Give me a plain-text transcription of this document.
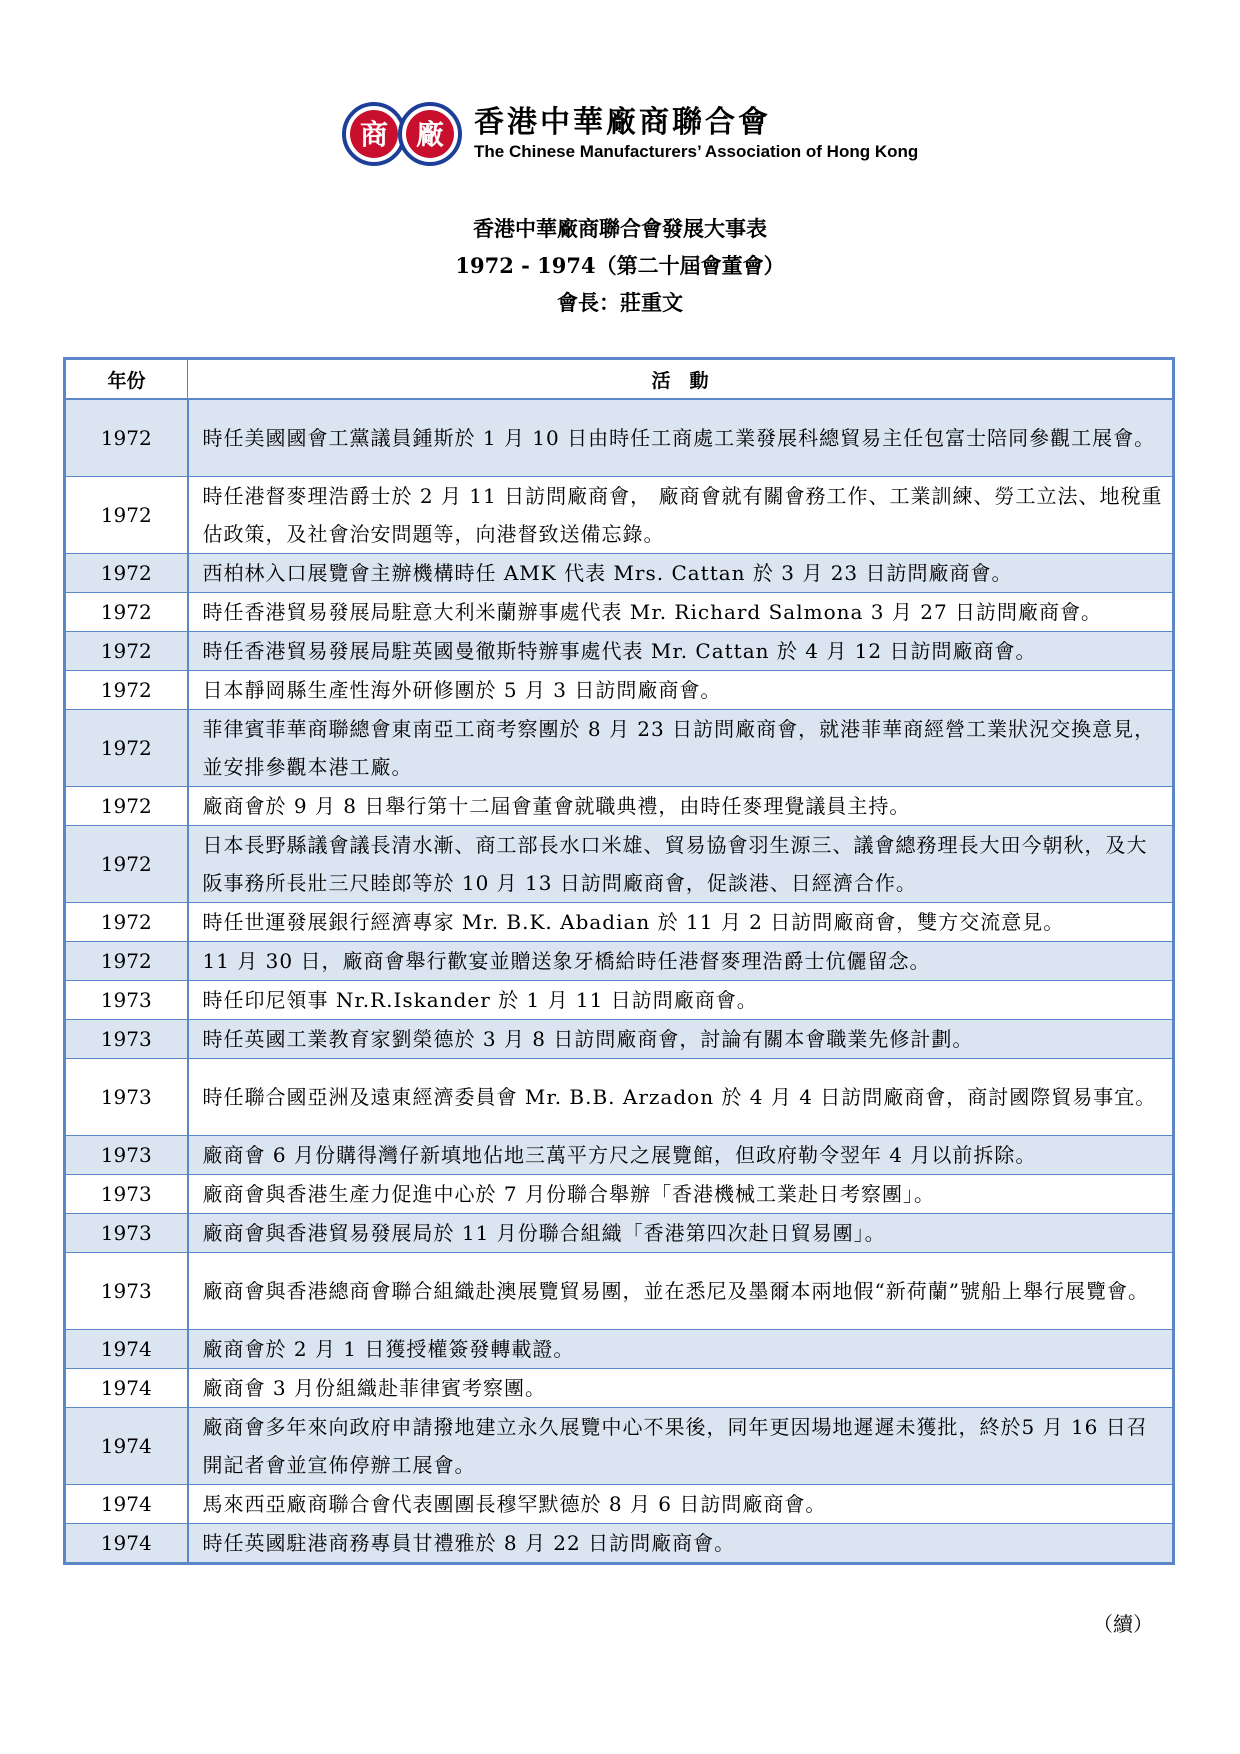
商 廠 香港中華廠商聯合會
The Chinese Manufacturers’ Association of Hong Kong
香港中華廠商聯合會發展大事表
1972 - 1974（第二十屆會董會）
會長：莊重文
年份	活　動
1972	時任美國國會工黨議員鍾斯於 1 月 10 日由時任工商處工業發展科總貿易主任包富士陪同參觀工展會。
1972	時任港督麥理浩爵士於 2 月 11 日訪問廠商會， 廠商會就有關會務工作、工業訓練、勞工立法、地稅重估政策，及社會治安問題等，向港督致送備忘錄。
1972	西柏林入口展覽會主辦機構時任 AMK 代表 Mrs. Cattan 於 3 月 23 日訪問廠商會。
1972	時任香港貿易發展局駐意大利米蘭辦事處代表 Mr. Richard Salmona 3 月 27 日訪問廠商會。
1972	時任香港貿易發展局駐英國曼徹斯特辦事處代表 Mr. Cattan 於 4 月 12 日訪問廠商會。
1972	日本靜岡縣生產性海外研修團於 5 月 3 日訪問廠商會。
1972	菲律賓菲華商聯總會東南亞工商考察團於 8 月 23 日訪問廠商會，就港菲華商經營工業狀況交換意見，並安排參觀本港工廠。
1972	廠商會於 9 月 8 日舉行第十二屆會董會就職典禮，由時任麥理覺議員主持。
1972	日本長野縣議會議長清水漸、商工部長水口米雄、貿易協會羽生源三、議會總務理長大田今朝秋，及大阪事務所長壯三尺睦郎等於 10 月 13 日訪問廠商會，促談港、日經濟合作。
1972	時任世運發展銀行經濟專家 Mr. B.K. Abadian 於 11 月 2 日訪問廠商會，雙方交流意見。
1972	11 月 30 日，廠商會舉行歡宴並贈送象牙橋給時任港督麥理浩爵士伉儷留念。
1973	時任印尼領事 Nr.R.Iskander 於 1 月 11 日訪問廠商會。
1973	時任英國工業教育家劉榮德於 3 月 8 日訪問廠商會，討論有關本會職業先修計劃。
1973	時任聯合國亞洲及遠東經濟委員會 Mr. B.B. Arzadon 於 4 月 4 日訪問廠商會，商討國際貿易事宜。
1973	廠商會 6 月份購得灣仔新填地佔地三萬平方尺之展覽館，但政府勒令翌年 4 月以前拆除。
1973	廠商會與香港生產力促進中心於 7 月份聯合舉辦「香港機械工業赴日考察團」。
1973	廠商會與香港貿易發展局於 11 月份聯合組織「香港第四次赴日貿易團」。
1973	廠商會與香港總商會聯合組織赴澳展覽貿易團，並在悉尼及墨爾本兩地假“新荷蘭”號船上舉行展覽會。
1974	廠商會於 2 月 1 日獲授權簽發轉載證。
1974	廠商會 3 月份組織赴菲律賓考察團。
1974	廠商會多年來向政府申請撥地建立永久展覽中心不果後，同年更因場地遲遲未獲批，終於5 月 16 日召開記者會並宣佈停辦工展會。
1974	馬來西亞廠商聯合會代表團團長穆罕默德於 8 月 6 日訪問廠商會。
1974	時任英國駐港商務專員甘禮雅於 8 月 22 日訪問廠商會。
（續）
